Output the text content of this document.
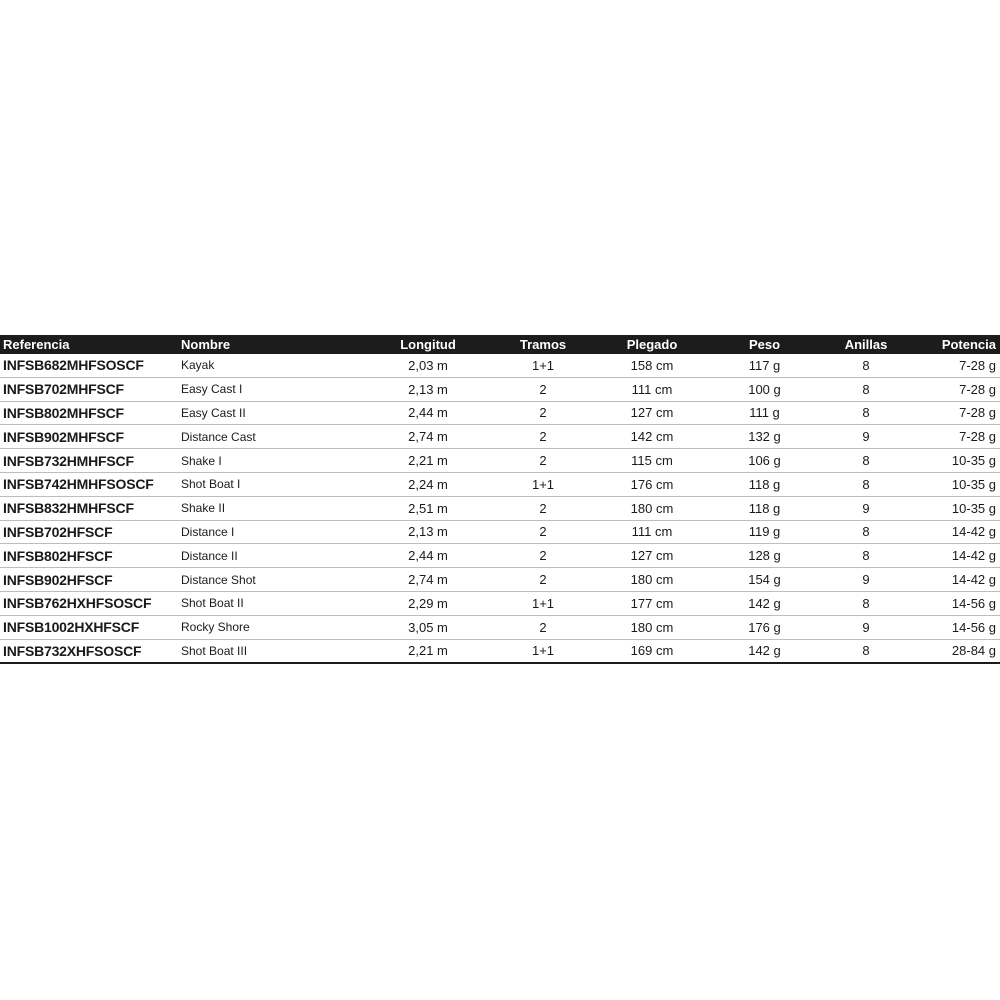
Referencia	Nombre	Longitud	Tramos	Plegado	Peso	Anillas	Potencia
INFSB682MHFSOSCF	Kayak	2,03 m	1+1	158 cm	117 g	8	7-28 g
INFSB702MHFSCF	Easy Cast I	2,13 m	2	111 cm	100 g	8	7-28 g
INFSB802MHFSCF	Easy Cast II	2,44 m	2	127 cm	111 g	8	7-28 g
INFSB902MHFSCF	Distance Cast	2,74 m	2	142 cm	132 g	9	7-28 g
INFSB732HMHFSCF	Shake I	2,21 m	2	115 cm	106 g	8	10-35 g
INFSB742HMHFSOSCF	Shot Boat I	2,24 m	1+1	176 cm	118 g	8	10-35 g
INFSB832HMHFSCF	Shake II	2,51 m	2	180 cm	118 g	9	10-35 g
INFSB702HFSCF	Distance I	2,13 m	2	111 cm	119 g	8	14-42 g
INFSB802HFSCF	Distance II	2,44 m	2	127 cm	128 g	8	14-42 g
INFSB902HFSCF	Distance Shot	2,74 m	2	180 cm	154 g	9	14-42 g
INFSB762HXHFSOSCF	Shot Boat II	2,29 m	1+1	177 cm	142 g	8	14-56 g
INFSB1002HXHFSCF	Rocky Shore	3,05 m	2	180 cm	176 g	9	14-56 g
INFSB732XHFSOSCF	Shot Boat III	2,21 m	1+1	169 cm	142 g	8	28-84 g
